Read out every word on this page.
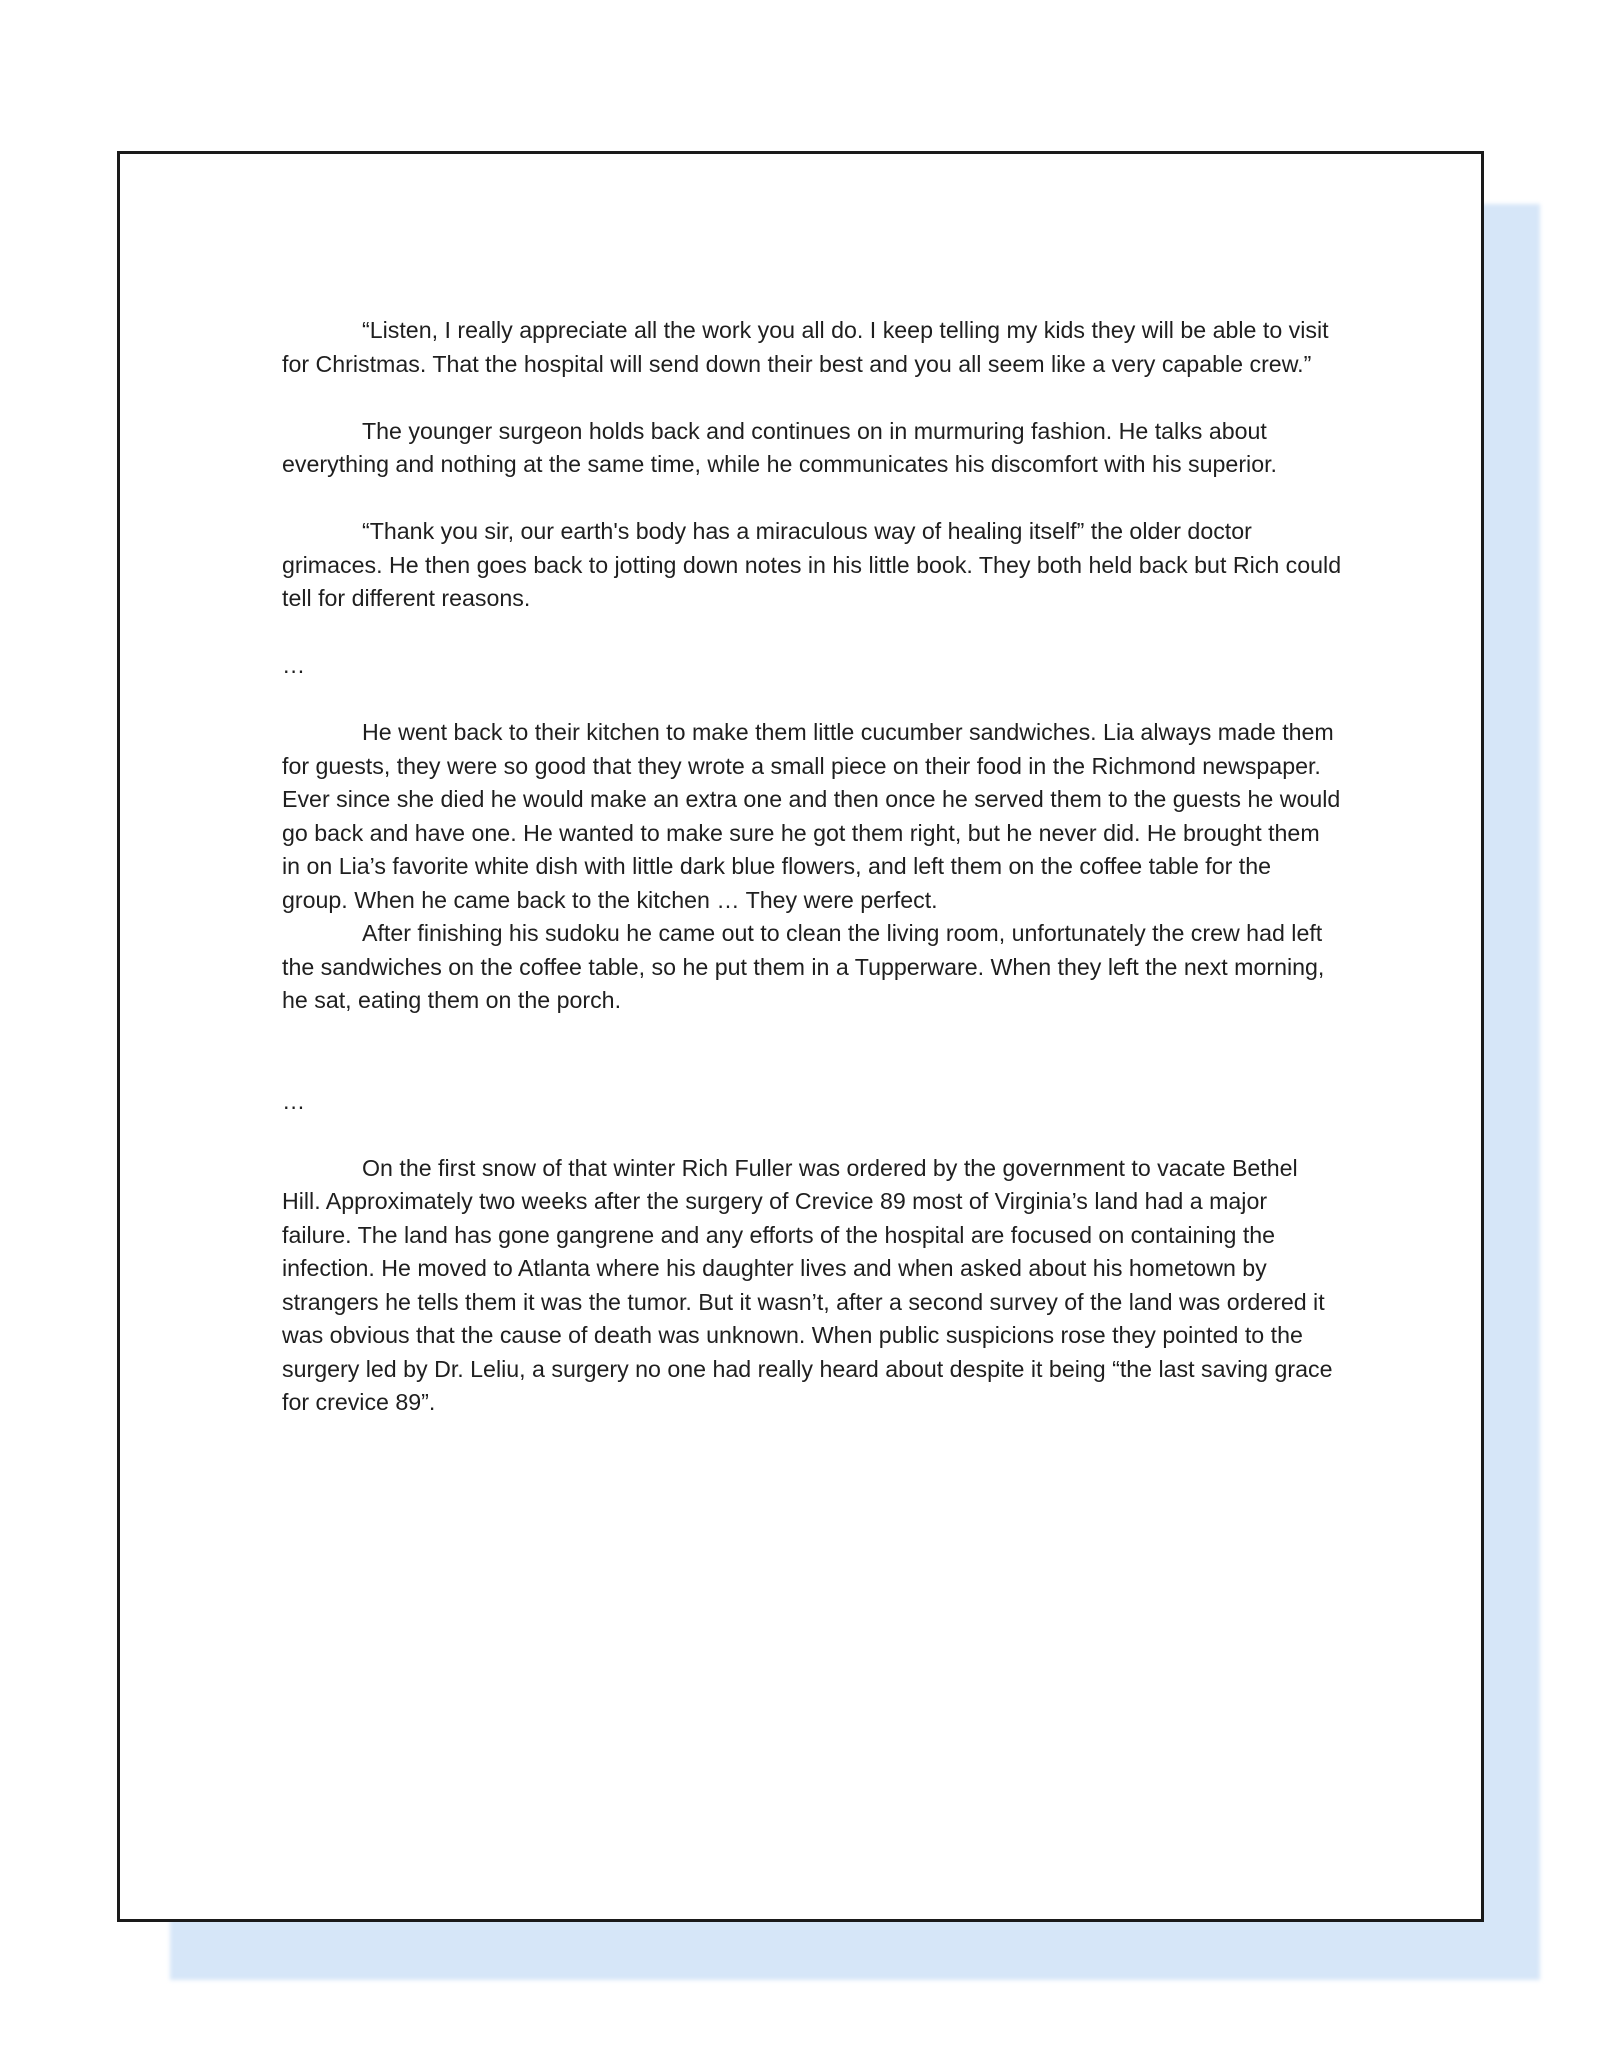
“Listen, I really appreciate all the work you all do. I keep telling my kids they will be able to visit for Christmas. That the hospital will send down their best and you all seem like a very capable crew.”

The younger surgeon holds back and continues on in murmuring fashion. He talks about everything and nothing at the same time, while he communicates his discomfort with his superior.

“Thank you sir, our earth's body has a miraculous way of healing itself” the older doctor grimaces. He then goes back to jotting down notes in his little book. They both held back but Rich could tell for different reasons.

…

He went back to their kitchen to make them little cucumber sandwiches. Lia always made them for guests, they were so good that they wrote a small piece on their food in the Richmond newspaper. Ever since she died he would make an extra one and then once he served them to the guests he would go back and have one. He wanted to make sure he got them right, but he never did. He brought them in on Lia’s favorite white dish with little dark blue flowers, and left them on the coffee table for the group. When he came back to the kitchen … They were perfect.

After finishing his sudoku he came out to clean the living room, unfortunately the crew had left the sandwiches on the coffee table, so he put them in a Tupperware. When they left the next morning, he sat, eating them on the porch.

…

On the first snow of that winter Rich Fuller was ordered by the government to vacate Bethel Hill. Approximately two weeks after the surgery of Crevice 89 most of Virginia’s land had a major failure. The land has gone gangrene and any efforts of the hospital are focused on containing the infection. He moved to Atlanta where his daughter lives and when asked about his hometown by strangers he tells them it was the tumor. But it wasn’t, after a second survey of the land was ordered it was obvious that the cause of death was unknown. When public suspicions rose they pointed to the surgery led by Dr. Leliu, a surgery no one had really heard about despite it being “the last saving grace for crevice 89”.
